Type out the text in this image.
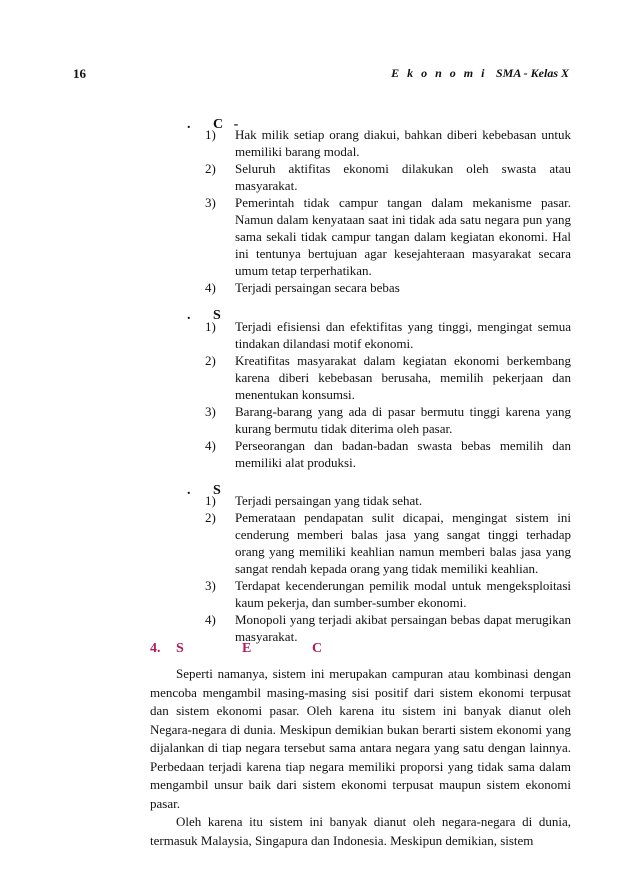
16	E k o n o m i SMA - Kelas X

. C   -

1) Hak milik setiap orang diakui, bahkan diberi kebebasan untuk memiliki barang modal.
2) Seluruh aktifitas ekonomi dilakukan oleh swasta atau masyarakat.
3) Pemerintah tidak campur tangan dalam mekanisme pasar. Namun dalam kenyataan saat ini tidak ada satu negara pun yang sama sekali tidak campur tangan dalam kegiatan ekonomi. Hal ini tentunya bertujuan agar kesejahteraan masyarakat secara umum tetap terperhatikan.
4) Terjadi persaingan secara bebas

. S

1) Terjadi efisiensi dan efektifitas yang tinggi, mengingat semua tindakan dilandasi motif ekonomi.
2) Kreatifitas masyarakat dalam kegiatan ekonomi berkembang karena diberi kebebasan berusaha, memilih pekerjaan dan menentukan konsumsi.
3) Barang-barang yang ada di pasar bermutu tinggi karena yang kurang bermutu tidak diterima oleh pasar.
4) Perseorangan dan badan-badan swasta bebas memilih dan memiliki alat produksi.

. S

1) Terjadi persaingan yang tidak sehat.
2) Pemerataan pendapatan sulit dicapai, mengingat sistem ini cenderung memberi balas jasa yang sangat tinggi terhadap orang yang memiliki keahlian namun memberi balas jasa yang sangat rendah kepada orang yang tidak memiliki keahlian.
3) Terdapat kecenderungan pemilik modal untuk mengeksploitasi kaum pekerja, dan sumber-sumber ekonomi.
4) Monopoli yang terjadi akibat persaingan bebas dapat merugikan masyarakat.
4. S	E	C

Seperti namanya, sistem ini merupakan campuran atau kombinasi dengan mencoba mengambil masing-masing sisi positif dari sistem ekonomi terpusat dan sistem ekonomi pasar. Oleh karena itu sistem ini banyak dianut oleh Negara-negara di dunia. Meskipun demikian bukan berarti sistem ekonomi yang dijalankan di tiap negara tersebut sama antara negara yang satu dengan lainnya. Perbedaan terjadi karena tiap negara memiliki proporsi yang tidak sama dalam mengambil unsur baik dari sistem ekonomi terpusat maupun sistem ekonomi pasar.

Oleh karena itu sistem ini banyak dianut oleh negara-negara di dunia, termasuk Malaysia, Singapura dan Indonesia. Meskipun demikian, sistem
